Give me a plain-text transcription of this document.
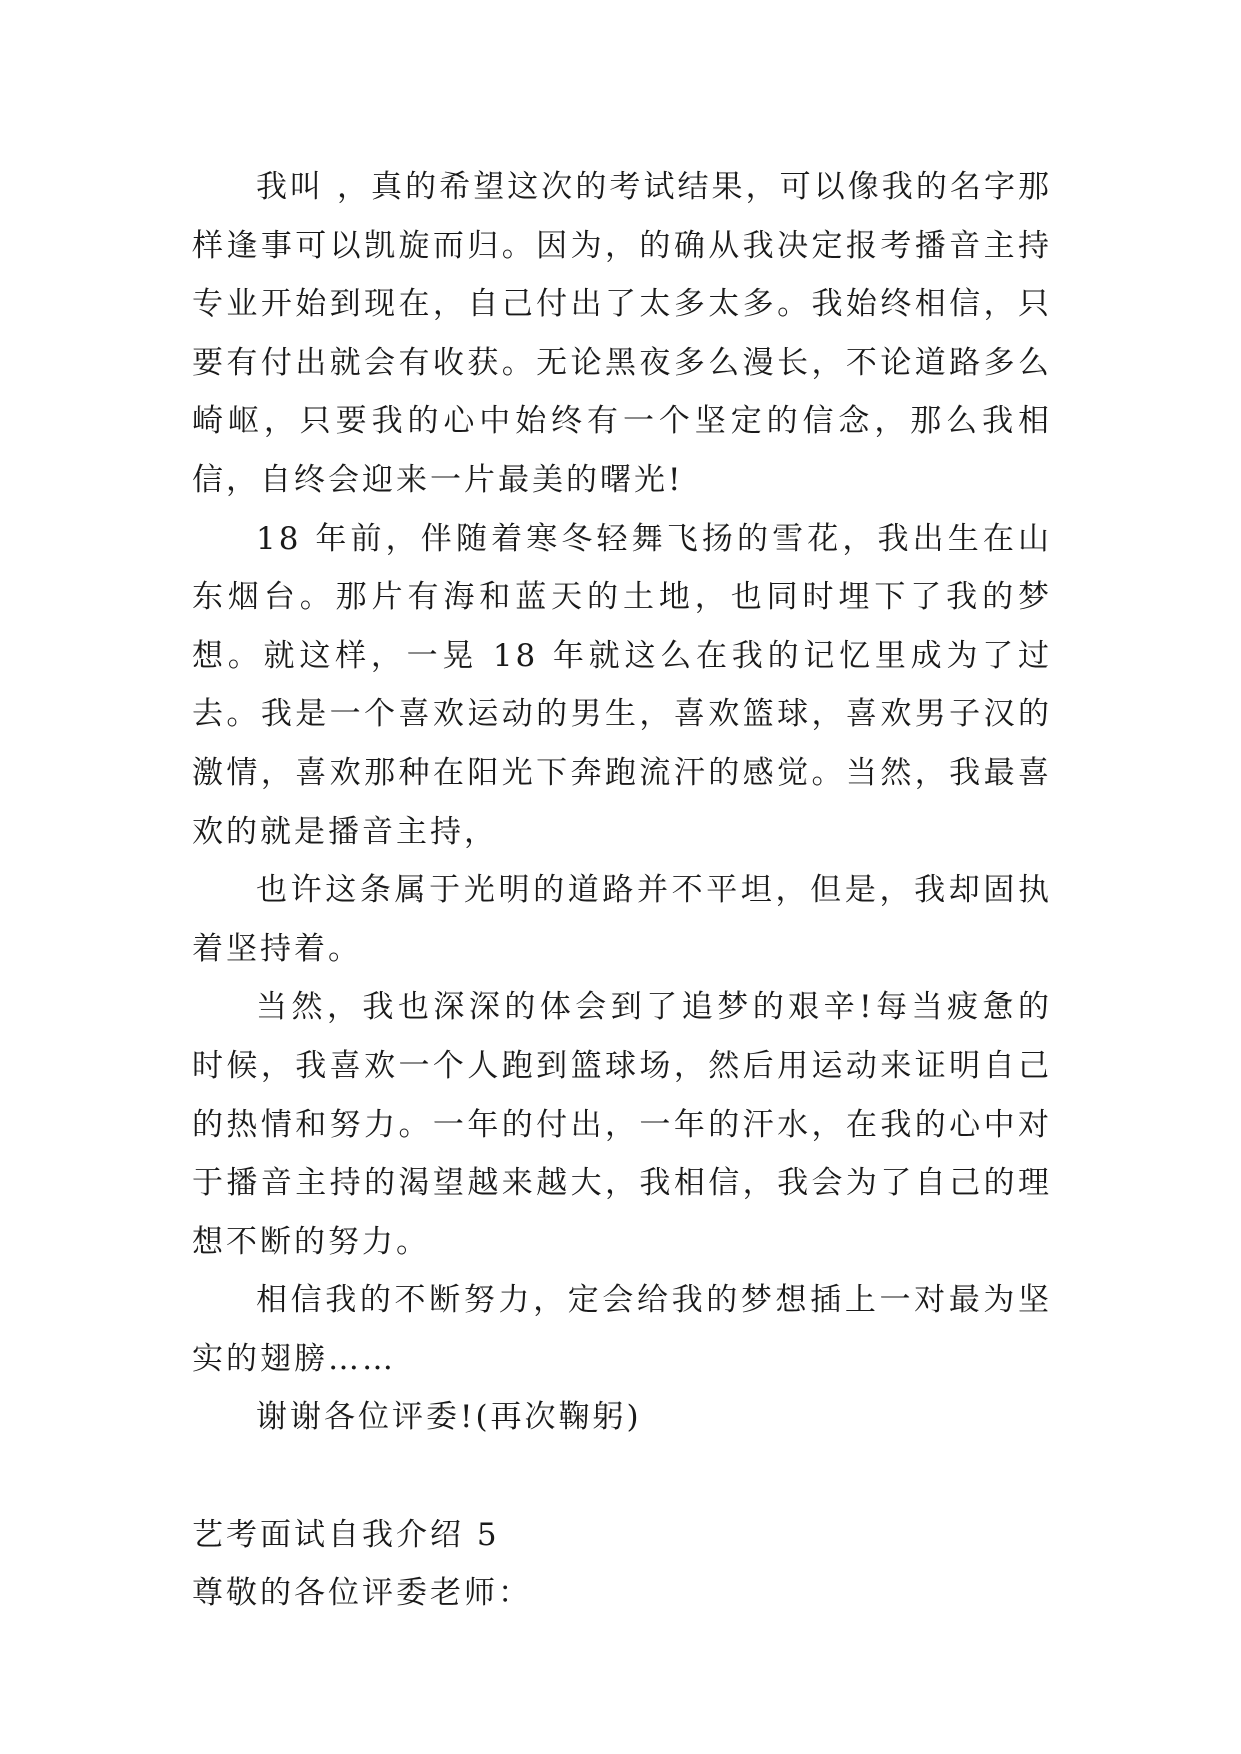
我叫 ，真的希望这次的考试结果，可以像我的名字那样逢事可以凯旋而归。因为，的确从我决定报考播音主持专业开始到现在，自己付出了太多太多。我始终相信，只要有付出就会有收获。无论黑夜多么漫长，不论道路多么崎岖，只要我的心中始终有一个坚定的信念，那么我相信，自终会迎来一片最美的曙光!

18 年前，伴随着寒冬轻舞飞扬的雪花，我出生在山东烟台。那片有海和蓝天的土地，也同时埋下了我的梦想。就这样，一晃 18 年就这么在我的记忆里成为了过去。我是一个喜欢运动的男生，喜欢篮球，喜欢男子汉的激情，喜欢那种在阳光下奔跑流汗的感觉。当然，我最喜欢的就是播音主持，

也许这条属于光明的道路并不平坦，但是，我却固执着坚持着。

当然，我也深深的体会到了追梦的艰辛!每当疲惫的时候，我喜欢一个人跑到篮球场，然后用运动来证明自己的热情和努力。一年的付出，一年的汗水，在我的心中对于播音主持的渴望越来越大，我相信，我会为了自己的理想不断的努力。

相信我的不断努力，定会给我的梦想插上一对最为坚实的翅膀……

谢谢各位评委!(再次鞠躬)

艺考面试自我介绍 5

尊敬的各位评委老师：
